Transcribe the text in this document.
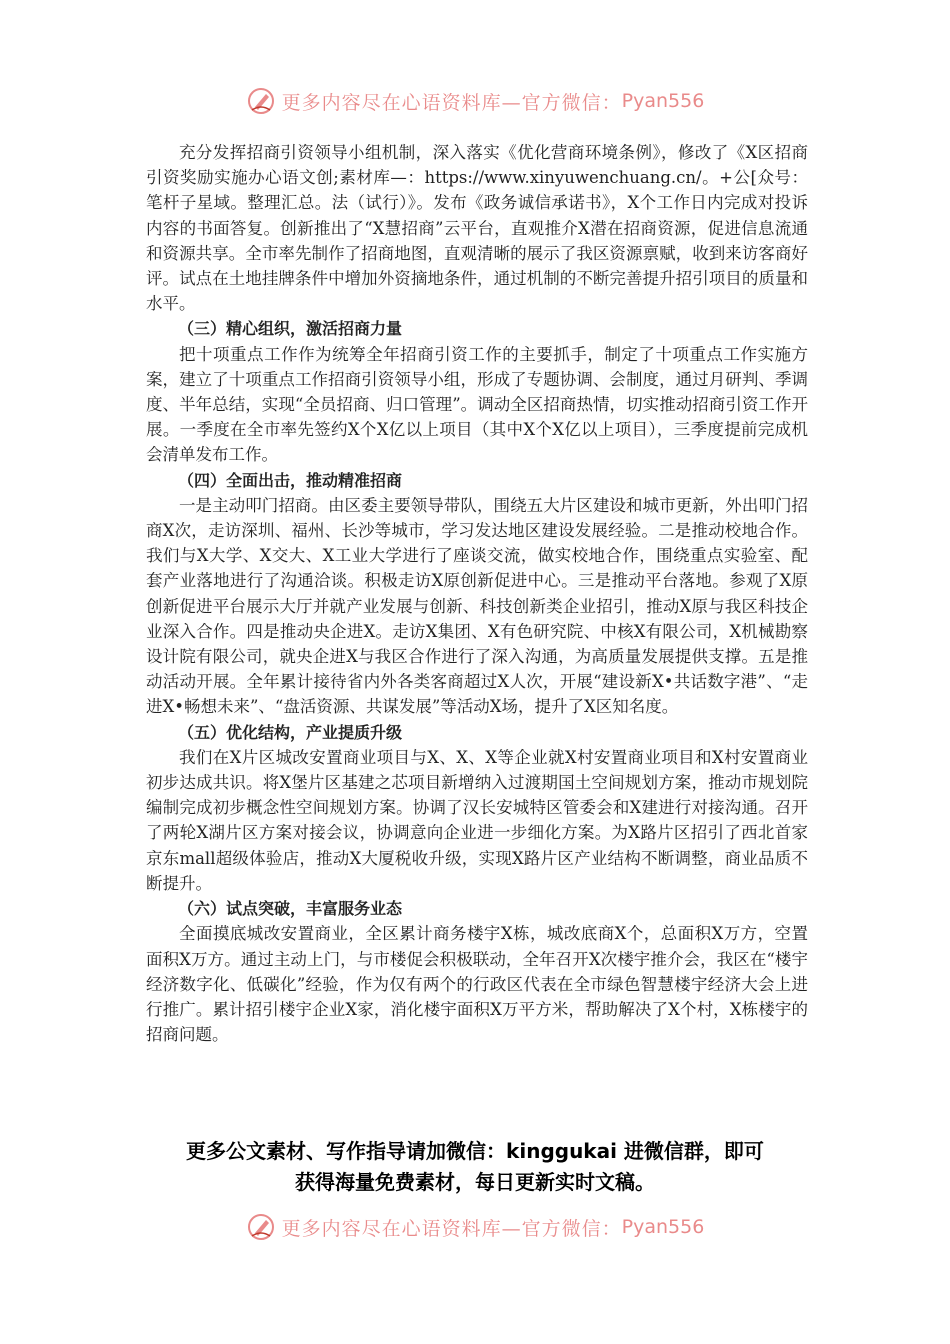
更多内容尽在心语资料库—官方微信： Pyan556

充分发挥招商引资领导小组机制，深入落实《优化营商环境条例》，修改了《X区招商引资奖励实施办心语文创;素材库—：https://www.xinyuwenchuang.cn/。+公[众号：笔杆子星域。整理汇总。法（试行）》。发布《政务诚信承诺书》，X个工作日内完成对投诉内容的书面答复。创新推出了“X慧招商”云平台，直观推介X潜在招商资源，促进信息流通和资源共享。全市率先制作了招商地图，直观清晰的展示了我区资源禀赋，收到来访客商好评。试点在土地挂牌条件中增加外资摘地条件，通过机制的不断完善提升招引项目的质量和水平。

（三）精心组织，激活招商力量

把十项重点工作作为统筹全年招商引资工作的主要抓手，制定了十项重点工作实施方案，建立了十项重点工作招商引资领导小组，形成了专题协调、会制度，通过月研判、季调度、半年总结，实现“全员招商、归口管理”。调动全区招商热情，切实推动招商引资工作开展。一季度在全市率先签约X个X亿以上项目（其中X个X亿以上项目），三季度提前完成机会清单发布工作。

（四）全面出击，推动精准招商

一是主动叩门招商。由区委主要领导带队，围绕五大片区建设和城市更新，外出叩门招商X次，走访深圳、福州、长沙等城市，学习发达地区建设发展经验。二是推动校地合作。我们与X大学、X交大、X工业大学进行了座谈交流，做实校地合作，围绕重点实验室、配套产业落地进行了沟通洽谈。积极走访X原创新促进中心。三是推动平台落地。参观了X原创新促进平台展示大厅并就产业发展与创新、科技创新类企业招引，推动X原与我区科技企业深入合作。四是推动央企进X。走访X集团、X有色研究院、中核X有限公司，X机械勘察设计院有限公司，就央企进X与我区合作进行了深入沟通，为高质量发展提供支撑。五是推动活动开展。全年累计接待省内外各类客商超过X人次，开展“建设新X•共话数字港”、“走进X•畅想未来”、“盘活资源、共谋发展”等活动X场，提升了X区知名度。

（五）优化结构，产业提质升级

我们在X片区城改安置商业项目与X、X、X等企业就X村安置商业项目和X村安置商业初步达成共识。将X堡片区基建之芯项目新增纳入过渡期国土空间规划方案，推动市规划院编制完成初步概念性空间规划方案。协调了汉长安城特区管委会和X建进行对接沟通。召开了两轮X湖片区方案对接会议，协调意向企业进一步细化方案。为X路片区招引了西北首家京东mall超级体验店，推动X大厦税收升级，实现X路片区产业结构不断调整，商业品质不断提升。

（六）试点突破，丰富服务业态

全面摸底城改安置商业，全区累计商务楼宇X栋，城改底商X个，总面积X万方，空置面积X万方。通过主动上门，与市楼促会积极联动，全年召开X次楼宇推介会，我区在“楼宇经济数字化、低碳化”经验，作为仅有两个的行政区代表在全市绿色智慧楼宇经济大会上进行推广。累计招引楼宇企业X家，消化楼宇面积X万平方米，帮助解决了X个村，X栋楼宇的招商问题。

更多公文素材、写作指导请加微信：kinggukai 进微信群，即可
获得海量免费素材，每日更新实时文稿。
更多内容尽在心语资料库—官方微信： Pyan556
